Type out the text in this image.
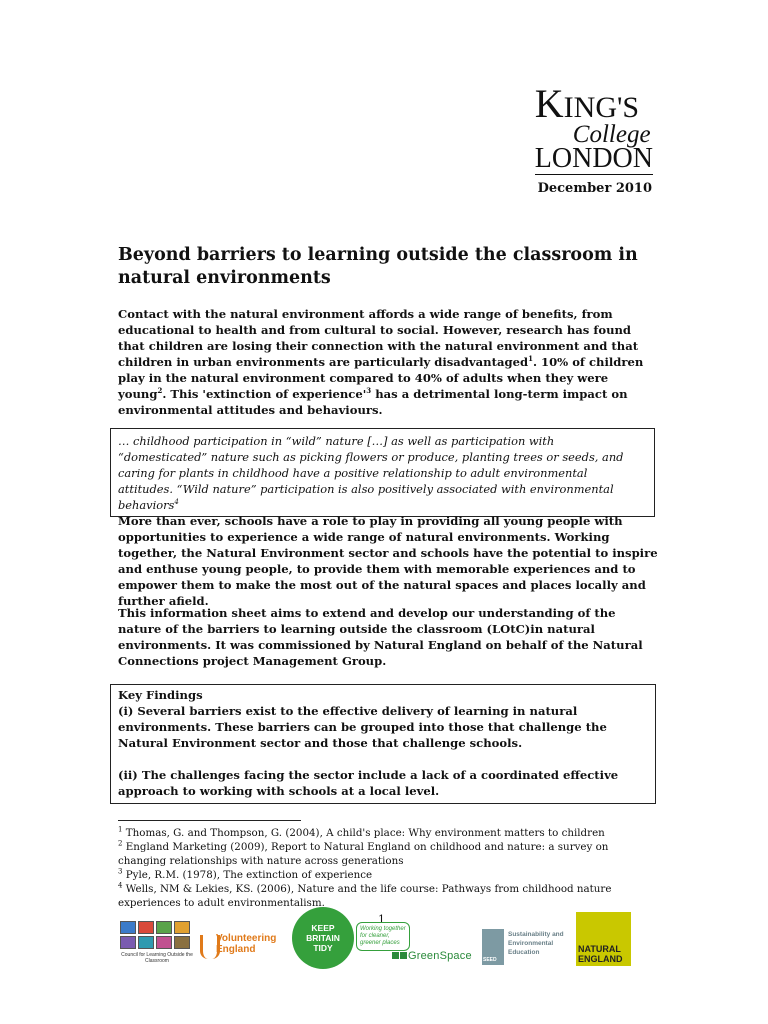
KING'S
College
LONDON
December 2010
Beyond barriers to learning outside the classroom in natural environments
Contact with the natural environment affords a wide range of benefits, from educational to health and from cultural to social. However, research has found that children are losing their connection with the natural environment and that children in urban environments are particularly disadvantaged$^1$. 10% of children play in the natural environment compared to 40% of adults when they were young$^2$. This 'extinction of $experience'^3$ has a detrimental long-term impact on environmental attitudes and behaviours.
… childhood participation in “wild” nature […] as well as participation with “domesticated” nature such as picking flowers or produce, planting trees or seeds, and caring for plants in childhood have a positive relationship to adult environmental attitudes. “Wild nature” participation is also positively associated with environmental behaviors$^4$
More than ever, schools have a role to play in providing all young people with opportunities to experience a wide range of natural environments. Working together, the Natural Environment sector and schools have the potential to inspire and enthuse young people, to provide them with memorable experiences and to empower them to make the most out of the natural spaces and places locally and further afield.
This information sheet aims to extend and develop our understanding of the nature of the barriers to learning outside the classroom (LOtC)in natural environments. It was commissioned by Natural England on behalf of the Natural Connections project Management Group.
Key Findings
(i) Several barriers exist to the effective delivery of learning in natural environments. These barriers can be grouped into those that challenge the Natural Environment sector and those that challenge schools.
(ii) The challenges facing the sector include a lack of a coordinated effective approach to working with schools at a local level.

$^1$ Thomas, G. and Thompson, G. (2004), A child's place: Why environment matters to children

$^2$ England Marketing (2009), Report to Natural England on childhood and nature: a survey on changing relationships with nature across generations

$^3$ Pyle, R.M. (1978), The extinction of experience

$^4$ Wells, NM & Lekies, KS. (2006), Nature and the life course: Pathways from childhood nature experiences to adult environmentalism.

1
Council for Learning Outside the Classroom
Volunteering
England
KEEP
BRITAIN
TIDY
Working together for cleaner, greener places
GreenSpace
Sustainability and
Environmental
Education
SEED
NATURAL
ENGLAND
